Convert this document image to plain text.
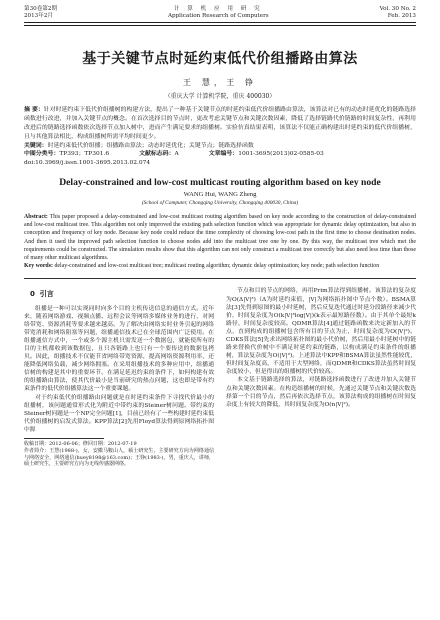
第30卷第2期
2013年2月
计 算 机 应 用 研 究
Application Research of Computers
Vol. 30 No. 2
Feb. 2013
基于关键节点时延约束低代价组播路由算法
王 慧，王 铮
（重庆大学 计算机学院，重庆 400030）
摘 要：针对时延约束下低代价组播树的构建方法，提出了一种基于关键节点的时延约束低代价组播路由算法，该算法对已有的动态时延优化的链路选择函数进行改进，并加入关键节点的概念。在首次选择目的节点时，更改考虑关键节点和关键次数因素，降低了选择链路代价链路的时间复杂性，再利用改进后的链路选择函数依次选择节点加入树中，进而产生满足要求的组播树。实验仿真结果表明，该算法不仅能正确构建出时延约束的低代价组播树，且与其他算法相比，构成组播树所需平均时间更少。
关键词：时延约束低代价组播；组播路由算法；动态时延优化；关键节点；链路选择函数
中图分类号：TP393；TP301.6	文献标志码：A	文章编号：1001-3695(2013)02-0585-03
doi:10.3969/j.issn.1001-3695.2013.02.074
Delay-constrained and low-cost multicast routing algorithm based on key node
WANG Hui, WANG Zheng
(School of Computer, Chongqing University, Chongqing 400030, China)
Abstract: This paper proposed a delay-constrained and low-cost multicast routing algorithm based on key node according to the construction of delay-constrained and low-cost multicast tree. This algorithm not only improved the existing path selection function which was appropriate for dynamic delay optimization, but also in conception and frequency of key node. Because key node could reduce the time complexity of choosing low-cost path in the first time to choose destination nodes. And then it used the improved path selection function to choose nodes add into the multicast tree one by one. By this way, the multicast tree which met the requirements could be constructed. The simulation results show that this algorithm can not only construct a multicast tree correctly but also need less time than those of many other multicast algorithms.
Key words: delay-constrained and low-cost multicast tree; multicast routing algorithm; dynamic delay optimization; key node; path selection function
0 引言

组播是一种可以实现同时向多个目的主机传送信息的通信方式。近年来，随着网络游戏、视频点播、远程会议等网络多媒体业务的进行，对网络带宽、资源消耗等要求越来越高。为了解决由网络实时业务引起的网络带宽消耗和网络阻塞等问题，组播通信技术已在全球范围内广泛使用。在组播通信方式中，一个或多个源主机只需发送一个数据包，就能使所有的目的主机都收到该数据包，且只各链路上也只有一个要传送的数据包拷贝。因此，组播技术不仅能节省网络带宽资源，提高网络资源利用率，还能降低网络负载，减少网络拥塞。在采用组播技术的多种应用中，组播通信树的构建是其中的重要环节。在满足延迟约束的条件下，如何构建有效的组播路由算法，使其代价最小是当前研究的热点问题，这也即是带有约束条件的低代价组播算法这一个重要课题。

对于约束低代价组播路由问题就是在时延约束条件下寻找代价最小的组播树，该问题通常形式化为附近中带约束的Steiner树问题。带约束的Steiner树问题是一个NP完全问题[1]，目前已经有了一些构建时延约束低代价组播树的启发式算法。KPP算法[2]先用Floyd算法得到原网络拓扑图中源

收稿日期：2012-06-06；修回日期：2012-07-19
作者简介：王慧(1988-)，女，安徽马鞍山人，硕士研究生，主要研究方向为网络通信与网络安全，网络通信(huey8198@163.com)；王铮(1983-)，男，重庆人，讲师，硕士研究生，主要研究方向为无线传感器网络。

节点和目的节点的网络，再用Prim算法得到组播树。该算法的复杂度为O(Δ|V|³)（Δ为时延约束值，|V|为网络拓扑图中节点个数）。BSMA算法[3]先得到原图的最小时延树，然后反复迭代通过时延分段路径来减少代价，时间复杂度为O(k|V|³log|V|)(k表示最短路径数）。由于其单个最短k路径，时间复杂度较高。QDMR算法[4]通过链路函数来决定新加入的节点，直到构成的组播树包含所有目的节点为止，时间复杂度为O(|V|²)。CDKS算法[5]先求出网络拓扑图的最小代价树，然后用最小时延树中的链路来替换代价树中不满足时延约束的链路，以构成满足约束条件的组播树，算法复杂度为O(|V|²)。上述算法中KPP和BSMA算法虽然性能较优，但时间复杂度高，不适用于大型网络，而QDMR和CDKS算法虽然时间复杂度较小，但是得出的组播树的代价较高。

本文基于链路选择的算法，对链路选择函数进行了改进并加入关键节点和关键次数因素。在构造组播树的时候，先通过关键节点和关键次数选择第一个目的节点，然后再依次选择节点，该算法构成的组播树在时间复杂度上有较大的降低，其时间复杂度为O(n|V|²)。
